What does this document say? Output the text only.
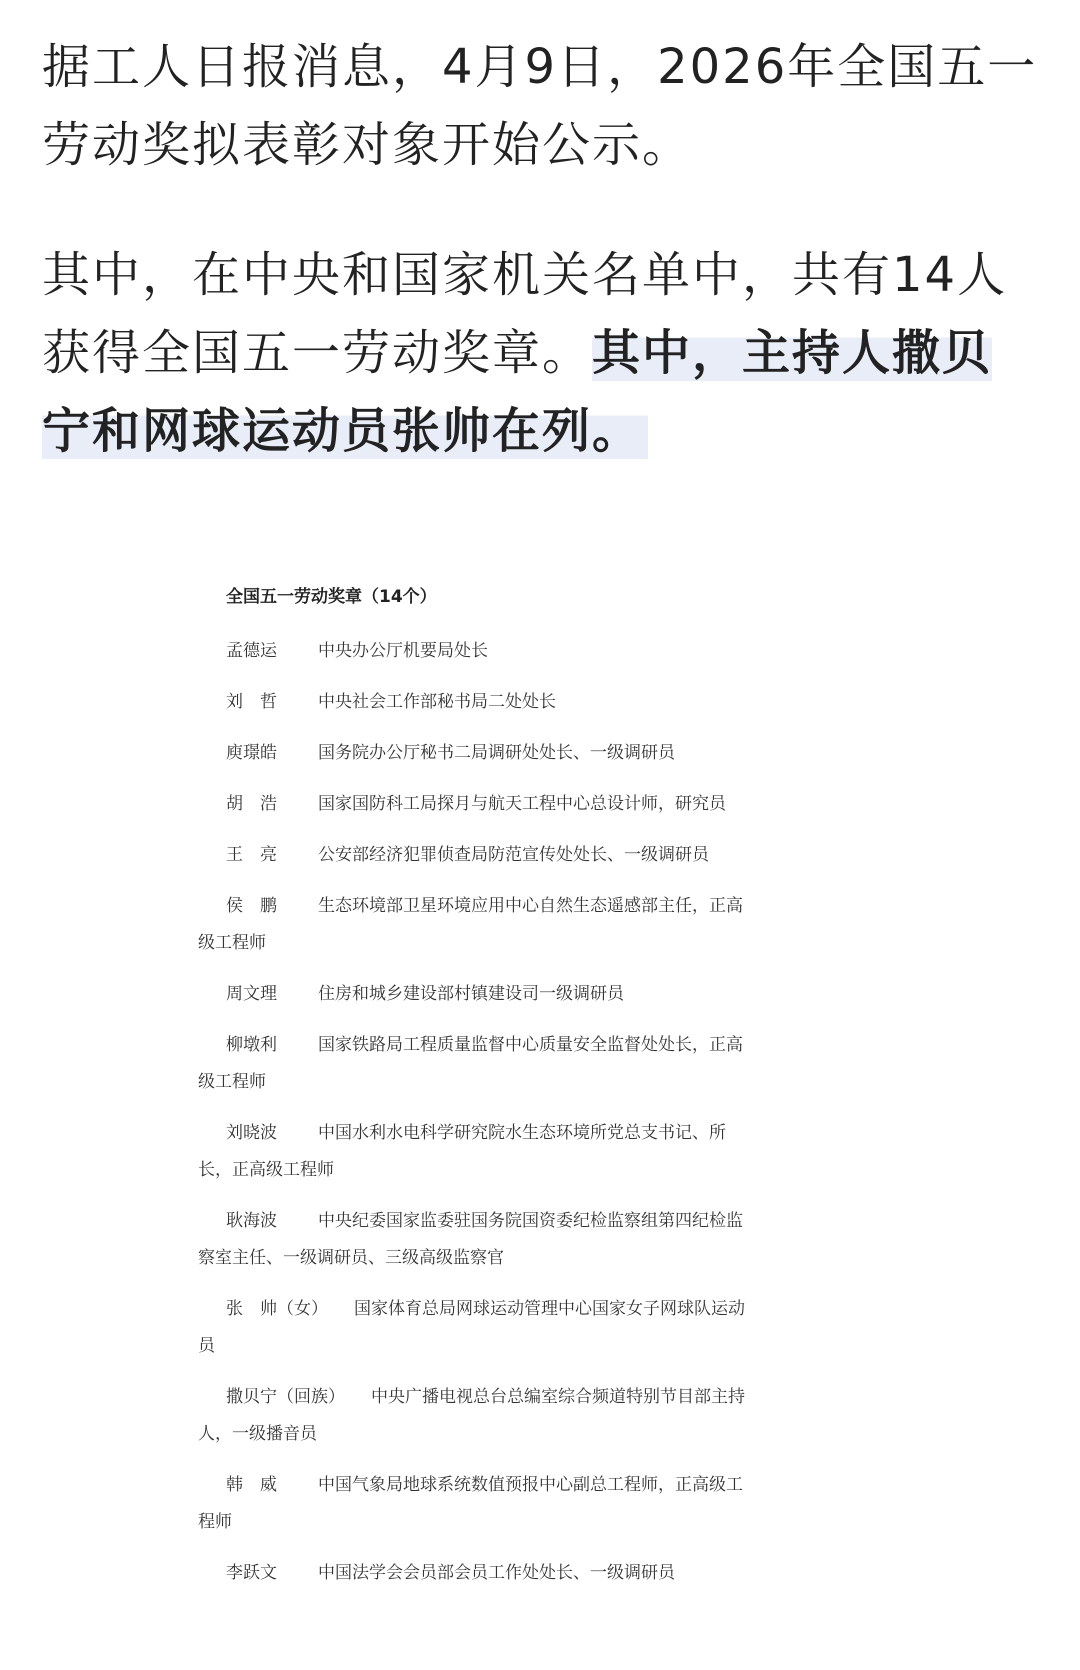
据工人日报消息，4月9日，2026年全国五一劳动奖拟表彰对象开始公示。

其中，在中央和国家机关名单中，共有14人获得全国五一劳动奖章。其中，主持人撒贝宁和网球运动员张帅在列。

全国五一劳动奖章（14个）
孟德运 中央办公厅机要局处长
刘　哲 中央社会工作部秘书局二处处长
庾璟皓 国务院办公厅秘书二局调研处处长、一级调研员
胡　浩 国家国防科工局探月与航天工程中心总设计师，研究员
王　亮 公安部经济犯罪侦查局防范宣传处处长、一级调研员
侯　鹏 生态环境部卫星环境应用中心自然生态遥感部主任，正高级工程师
周文理 住房和城乡建设部村镇建设司一级调研员
柳墩利 国家铁路局工程质量监督中心质量安全监督处处长，正高级工程师
刘晓波 中国水利水电科学研究院水生态环境所党总支书记、所长，正高级工程师
耿海波 中央纪委国家监委驻国务院国资委纪检监察组第四纪检监察室主任、一级调研员、三级高级监察官
张　帅（女） 国家体育总局网球运动管理中心国家女子网球队运动员
撒贝宁（回族） 中央广播电视总台总编室综合频道特别节目部主持人，一级播音员
韩　威 中国气象局地球系统数值预报中心副总工程师，正高级工程师
李跃文 中国法学会会员部会员工作处处长、一级调研员
